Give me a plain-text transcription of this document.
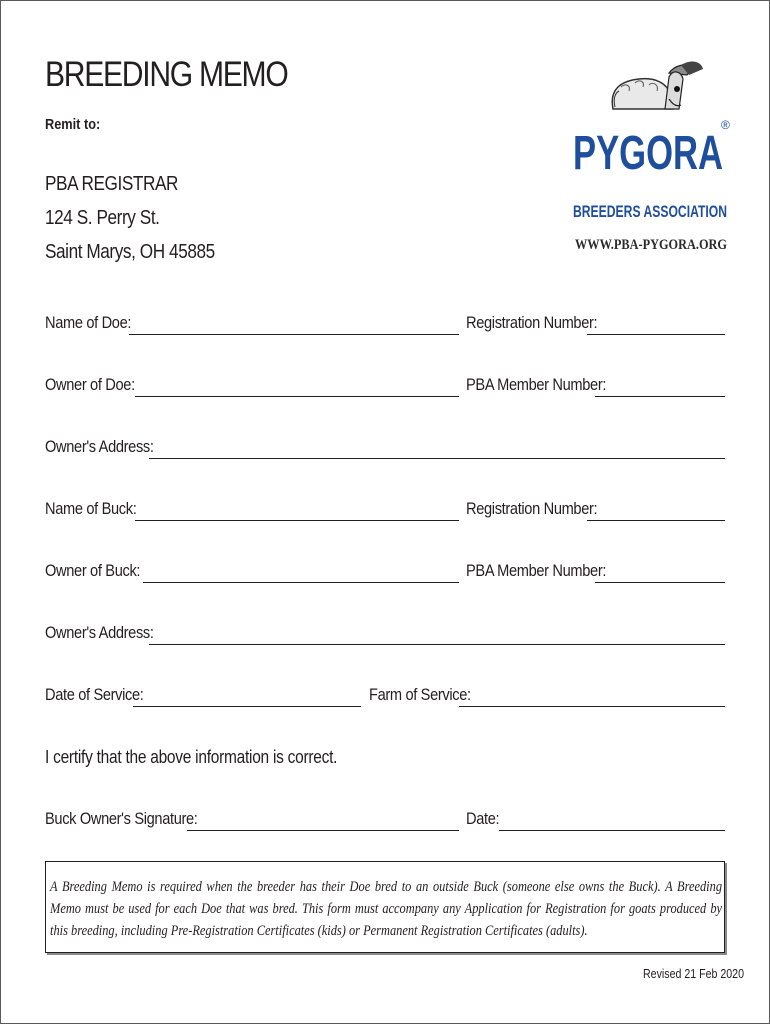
BREEDING MEMO
Remit to:
PBA REGISTRAR
124 S. Perry St.
Saint Marys, OH 45885
PYGORA
®
BREEDERS ASSOCIATION
WWW.PBA-PYGORA.ORG
Name of Doe:	Registration Number:
Owner of Doe:	PBA Member Number:
Owner's Address:
Name of Buck:	Registration Number:
Owner of Buck:	PBA Member Number:
Owner's Address:
Date of Service:	Farm of Service:
I certify that the above information is correct.
Buck Owner's Signature:	Date:

A Breeding Memo is required when the breeder has their Doe bred to an outside Buck (someone else owns the Buck). A Breeding Memo must be used for each Doe that was bred. This form must accompany any Application for Registration for goats produced by this breeding, including Pre-Registration Certificates (kids) or Permanent Registration Certificates (adults).

Revised 21 Feb 2020
